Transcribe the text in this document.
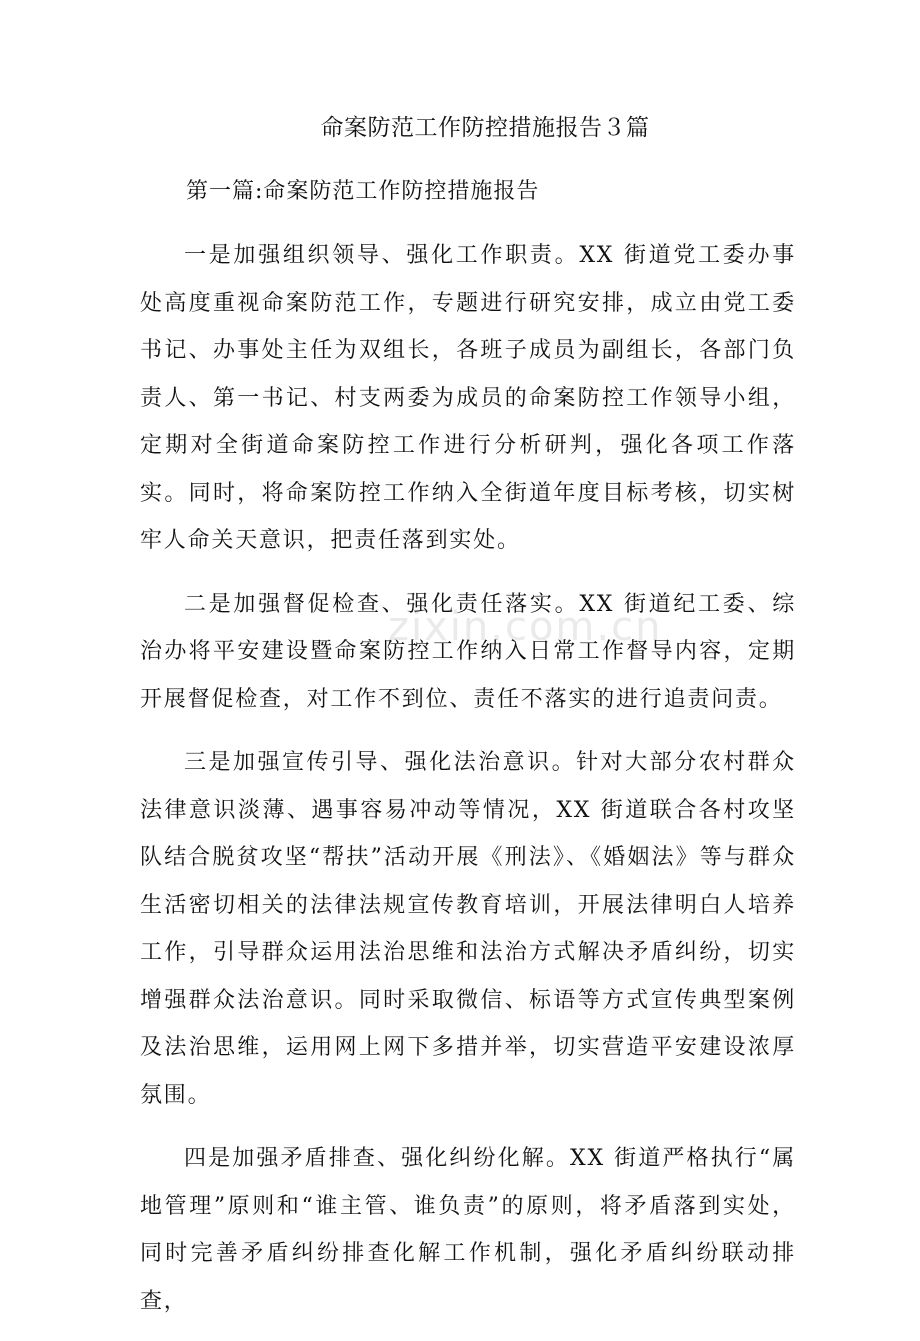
命案防范工作防控措施报告３篇
第一篇:命案防范工作防控措施报告

一是加强组织领导、强化工作职责。XX 街道党工委办事处高度重视命案防范工作，专题进行研究安排，成立由党工委书记、办事处主任为双组长，各班子成员为副组长，各部门负责人、第一书记、村支两委为成员的命案防控工作领导小组，定期对全街道命案防控工作进行分析研判，强化各项工作落实。同时，将命案防控工作纳入全街道年度目标考核，切实树牢人命关天意识，把责任落到实处。

二是加强督促检查、强化责任落实。XX 街道纪工委、综治办将平安建设暨命案防控工作纳入日常工作督导内容，定期开展督促检查，对工作不到位、责任不落实的进行追责问责。

三是加强宣传引导、强化法治意识。针对大部分农村群众法律意识淡薄、遇事容易冲动等情况，XX 街道联合各村攻坚队结合脱贫攻坚“帮扶”活动开展《刑法》、《婚姻法》等与群众生活密切相关的法律法规宣传教育培训，开展法律明白人培养工作，引导群众运用法治思维和法治方式解决矛盾纠纷，切实增强群众法治意识。同时采取微信、标语等方式宣传典型案例及法治思维，运用网上网下多措并举，切实营造平安建设浓厚氛围。

四是加强矛盾排查、强化纠纷化解。XX 街道严格执行“属地管理”原则和“谁主管、谁负责”的原则，将矛盾落到实处，同时完善矛盾纠纷排查化解工作机制，强化矛盾纠纷联动排查，

zixin.com.cn
